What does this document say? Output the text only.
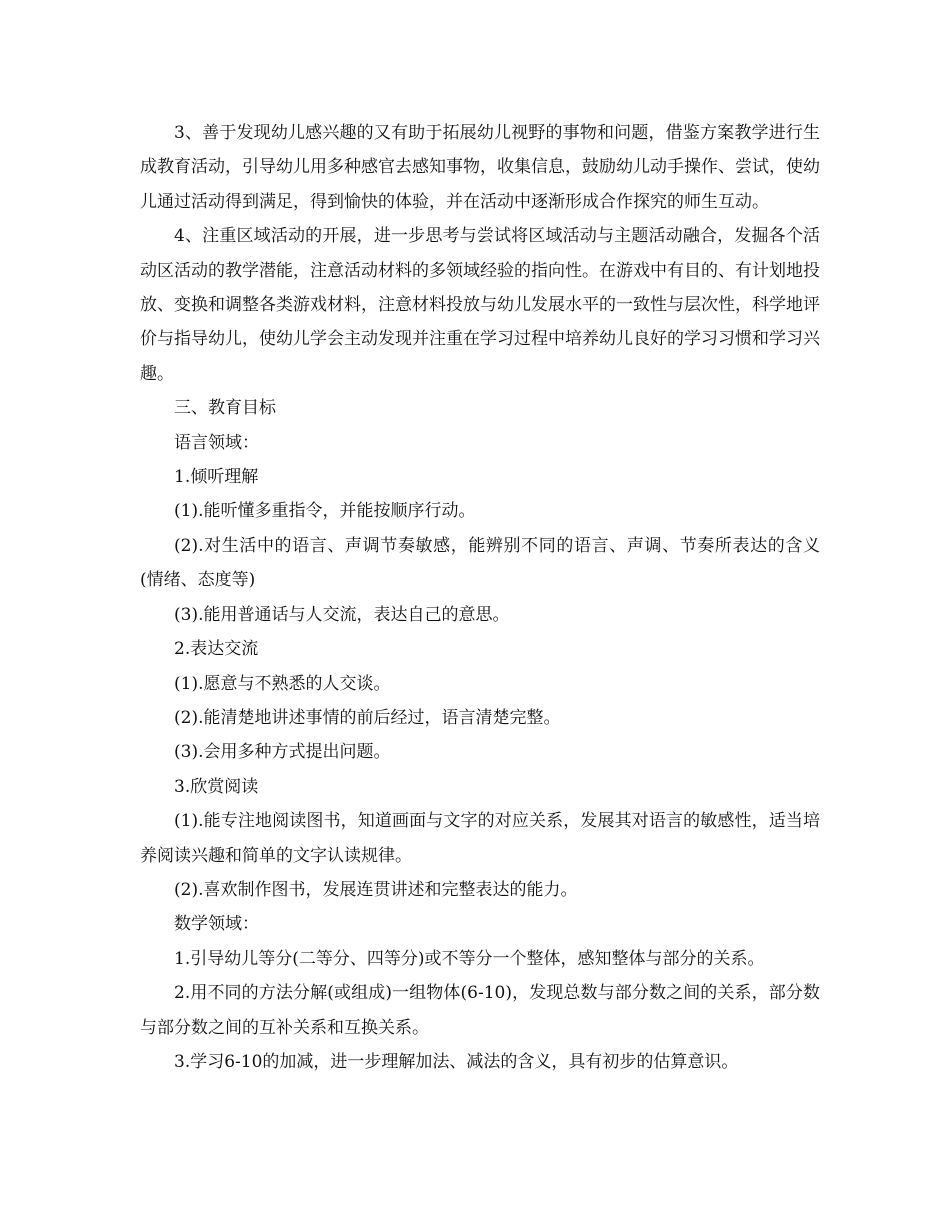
3、善于发现幼儿感兴趣的又有助于拓展幼儿视野的事物和问题，借鉴方案教学进行生成教育活动，引导幼儿用多种感官去感知事物，收集信息，鼓励幼儿动手操作、尝试，使幼儿通过活动得到满足，得到愉快的体验，并在活动中逐渐形成合作探究的师生互动。

4、注重区域活动的开展，进一步思考与尝试将区域活动与主题活动融合，发掘各个活动区活动的教学潜能，注意活动材料的多领域经验的指向性。在游戏中有目的、有计划地投放、变换和调整各类游戏材料，注意材料投放与幼儿发展水平的一致性与层次性，科学地评价与指导幼儿，使幼儿学会主动发现并注重在学习过程中培养幼儿良好的学习习惯和学习兴趣。

三、教育目标

语言领域：

1.倾听理解

(1).能听懂多重指令，并能按顺序行动。

(2).对生活中的语言、声调节奏敏感，能辨别不同的语言、声调、节奏所表达的含义(情绪、态度等)

(3).能用普通话与人交流，表达自己的意思。

2.表达交流

(1).愿意与不熟悉的人交谈。

(2).能清楚地讲述事情的前后经过，语言清楚完整。

(3).会用多种方式提出问题。

3.欣赏阅读

(1).能专注地阅读图书，知道画面与文字的对应关系，发展其对语言的敏感性，适当培养阅读兴趣和简单的文字认读规律。

(2).喜欢制作图书，发展连贯讲述和完整表达的能力。

数学领域：

1.引导幼儿等分(二等分、四等分)或不等分一个整体，感知整体与部分的关系。

2.用不同的方法分解(或组成)一组物体(6-10)，发现总数与部分数之间的关系，部分数与部分数之间的互补关系和互换关系。

3.学习6-10的加减，进一步理解加法、减法的含义，具有初步的估算意识。
